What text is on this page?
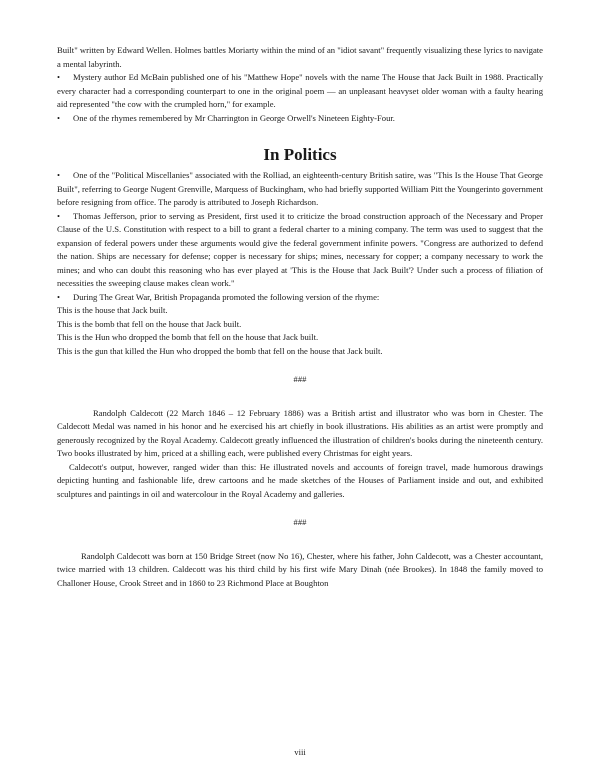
Built" written by Edward Wellen. Holmes battles Moriarty within the mind of an "idiot savant" frequently visualizing these lyrics to navigate a mental labyrinth.

• Mystery author Ed McBain published one of his "Matthew Hope" novels with the name The House that Jack Built in 1988. Practically every character had a corresponding counterpart to one in the original poem — an unpleasant heavyset older woman with a faulty hearing aid represented "the cow with the crumpled horn," for example.

• One of the rhymes remembered by Mr Charrington in George Orwell's Nineteen Eighty-Four.

In Politics

• One of the "Political Miscellanies" associated with the Rolliad, an eighteenth-century British satire, was "This Is the House That George Built", referring to George Nugent Grenville, Marquess of Buckingham, who had briefly supported William Pitt the Youngerinto government before resigning from office. The parody is attributed to Joseph Richardson.

• Thomas Jefferson, prior to serving as President, first used it to criticize the broad construction approach of the Necessary and Proper Clause of the U.S. Constitution with respect to a bill to grant a federal charter to a mining company. The term was used to suggest that the expansion of federal powers under these arguments would give the federal government infinite powers. "Congress are authorized to defend the nation. Ships are necessary for defense; copper is necessary for ships; mines, necessary for copper; a company necessary to work the mines; and who can doubt this reasoning who has ever played at 'This is the House that Jack Built'? Under such a process of filiation of necessities the sweeping clause makes clean work."

• During The Great War, British Propaganda promoted the following version of the rhyme:

This is the house that Jack built.

This is the bomb that fell on the house that Jack built.

This is the Hun who dropped the bomb that fell on the house that Jack built.

This is the gun that killed the Hun who dropped the bomb that fell on the house that Jack built.

###

Randolph Caldecott (22 March 1846 – 12 February 1886) was a British artist and illustrator who was born in Chester. The Caldecott Medal was named in his honor and he exercised his art chiefly in book illustrations. His abilities as an artist were promptly and generously recognized by the Royal Academy. Caldecott greatly influenced the illustration of children's books during the nineteenth century. Two books illustrated by him, priced at a shilling each, were published every Christmas for eight years.

Caldecott's output, however, ranged wider than this: He illustrated novels and accounts of foreign travel, made humorous drawings depicting hunting and fashionable life, drew cartoons and he made sketches of the Houses of Parliament inside and out, and exhibited sculptures and paintings in oil and watercolour in the Royal Academy and galleries.

###

Randolph Caldecott was born at 150 Bridge Street (now No 16), Chester, where his father, John Caldecott, was a Chester accountant, twice married with 13 children. Caldecott was his third child by his first wife Mary Dinah (née Brookes). In 1848 the family moved to Challoner House, Crook Street and in 1860 to 23 Richmond Place at Boughton

viii
